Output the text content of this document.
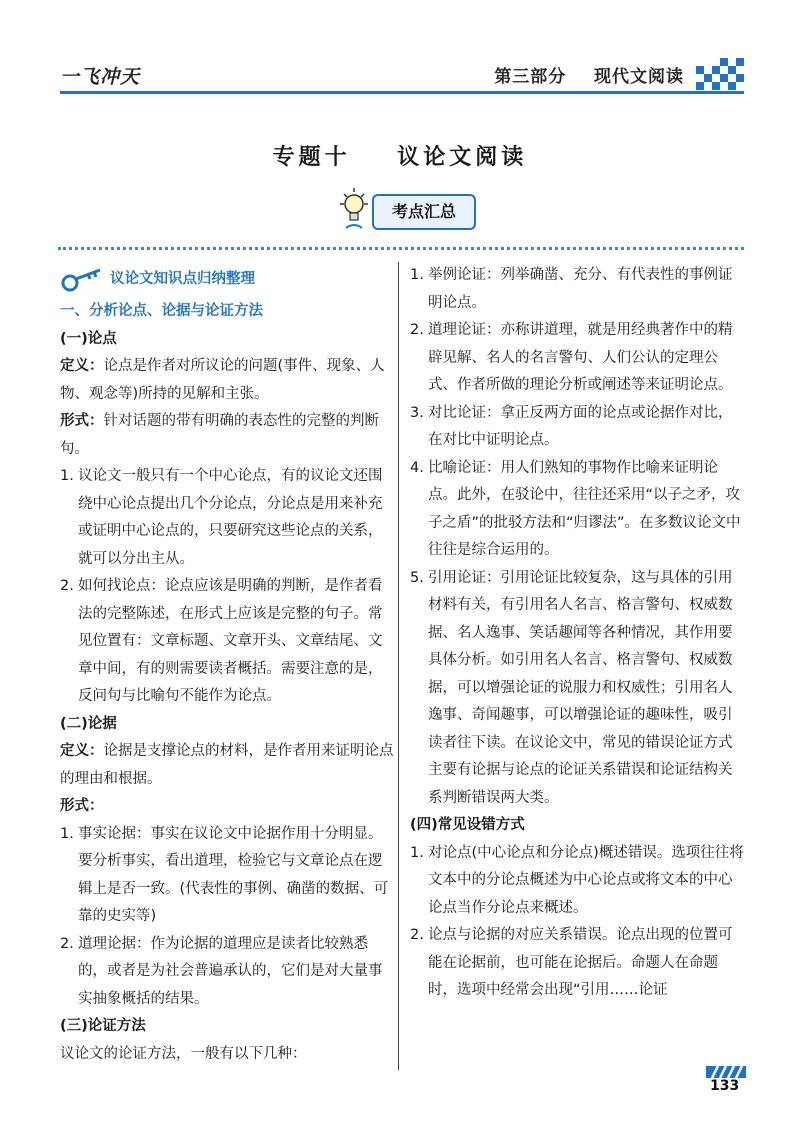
一飞冲天	第三部分    现代文阅读
专题十    议论文阅读
考点汇总
议论文知识点归纳整理

一、分析论点、论据与论证方法

(一)论点

定义：论点是作者对所议论的问题(事件、现象、人物、观念等)所持的见解和主张。

形式：针对话题的带有明确的表态性的完整的判断句。

1. 议论文一般只有一个中心论点，有的议论文还围绕中心论点提出几个分论点，分论点是用来补充或证明中心论点的，只要研究这些论点的关系，就可以分出主从。

2. 如何找论点：论点应该是明确的判断，是作者看法的完整陈述，在形式上应该是完整的句子。常见位置有：文章标题、文章开头、文章结尾、文章中间，有的则需要读者概括。需要注意的是，反问句与比喻句不能作为论点。

(二)论据

定义：论据是支撑论点的材料，是作者用来证明论点的理由和根据。

形式：

1. 事实论据：事实在议论文中论据作用十分明显。要分析事实，看出道理，检验它与文章论点在逻辑上是否一致。(代表性的事例、确凿的数据、可靠的史实等)

2. 道理论据：作为论据的道理应是读者比较熟悉的，或者是为社会普遍承认的，它们是对大量事实抽象概括的结果。

(三)论证方法

议论文的论证方法，一般有以下几种：

1. 举例论证：列举确凿、充分、有代表性的事例证明论点。

2. 道理论证：亦称讲道理，就是用经典著作中的精辟见解、名人的名言警句、人们公认的定理公式、作者所做的理论分析或阐述等来证明论点。

3. 对比论证：拿正反两方面的论点或论据作对比，在对比中证明论点。

4. 比喻论证：用人们熟知的事物作比喻来证明论点。此外，在驳论中，往往还采用“以子之矛，攻子之盾”的批驳方法和“归谬法”。在多数议论文中往往是综合运用的。

5. 引用论证：引用论证比较复杂，这与具体的引用材料有关，有引用名人名言、格言警句、权威数据、名人逸事、笑话趣闻等各种情况，其作用要具体分析。如引用名人名言、格言警句、权威数据，可以增强论证的说服力和权威性；引用名人逸事、奇闻趣事，可以增强论证的趣味性，吸引读者往下读。在议论文中，常见的错误论证方式主要有论据与论点的论证关系错误和论证结构关系判断错误两大类。

(四)常见设错方式

1. 对论点(中心论点和分论点)概述错误。选项往往将文本中的分论点概述为中心论点或将文本的中心论点当作分论点来概述。

2. 论点与论据的对应关系错误。论点出现的位置可能在论据前，也可能在论据后。命题人在命题时，选项中经常会出现“引用……论证

133
